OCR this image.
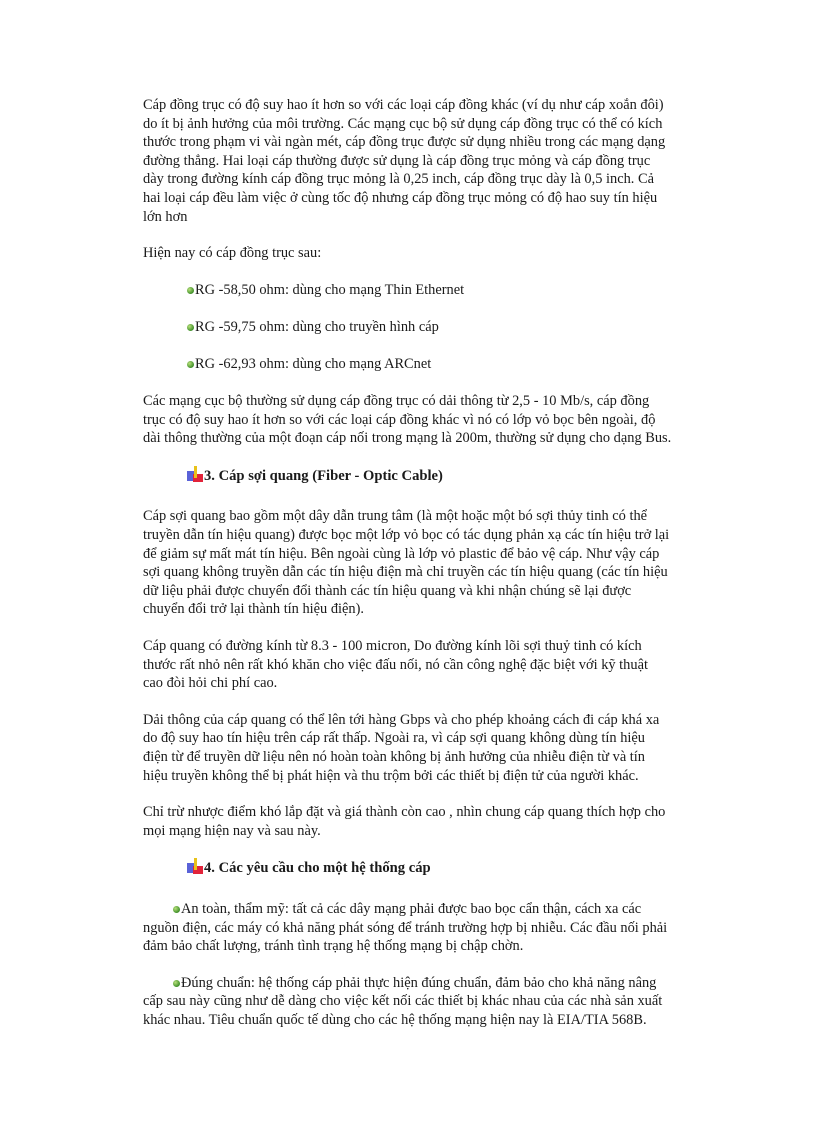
Cáp đồng trục có độ suy hao ít hơn so với các loại cáp đồng khác (ví dụ như cáp xoắn đôi)

do ít bị ảnh hưởng của môi trường. Các mạng cục bộ sử dụng cáp đồng trục có thể có kích

thước trong phạm vi vài ngàn mét, cáp đồng trục được sử dụng nhiều trong các mạng dạng

đường thẳng. Hai loại cáp thường được sử dụng là cáp đồng trục mỏng và cáp đồng trục

dày trong đường kính cáp đồng trục mỏng là 0,25 inch, cáp đồng trục dày là 0,5 inch. Cả

hai loại cáp đều làm việc ở cùng tốc độ nhưng cáp đồng trục mỏng có độ hao suy tín hiệu

lớn hơn

Hiện nay có cáp đồng trục sau:

RG -58,50 ohm: dùng cho mạng Thin Ethernet

RG -59,75 ohm: dùng cho truyền hình cáp

RG -62,93 ohm: dùng cho mạng ARCnet

Các mạng cục bộ thường sử dụng cáp đồng trục có dải thông từ 2,5 - 10 Mb/s, cáp đồng

trục có độ suy hao ít hơn so với các loại cáp đồng khác vì nó có lớp vỏ bọc bên ngoài, độ

dài thông thường của một đoạn cáp nối trong mạng là 200m, thường sử dụng cho dạng Bus.

3. Cáp sợi quang (Fiber - Optic Cable)

Cáp sợi quang bao gồm một dây dẫn trung tâm (là một hoặc một bó sợi thủy tinh có thể

truyền dẫn tín hiệu quang) được bọc một lớp vỏ bọc có tác dụng phản xạ các tín hiệu trở lại

để giảm sự mất mát tín hiệu. Bên ngoài cùng là lớp vỏ plastic để bảo vệ cáp. Như vậy cáp

sợi quang không truyền dẫn các tín hiệu điện mà chỉ truyền các tín hiệu quang (các tín hiệu

dữ liệu phải được chuyển đổi thành các tín hiệu quang và khi nhận chúng sẽ lại được

chuyển đổi trở lại thành tín hiệu điện).

Cáp quang có đường kính từ 8.3 - 100 micron, Do đường kính lõi sợi thuỷ tinh có kích

thước rất nhỏ nên rất khó khăn cho việc đấu nối, nó cần công nghệ đặc biệt với kỹ thuật

cao đòi hỏi chi phí cao.

Dải thông của cáp quang có thể lên tới hàng Gbps và cho phép khoảng cách đi cáp khá xa

do độ suy hao tín hiệu trên cáp rất thấp. Ngoài ra, vì cáp sợi quang không dùng tín hiệu

điện từ để truyền dữ liệu nên nó hoàn toàn không bị ảnh hưởng của nhiễu điện từ và tín

hiệu truyền không thể bị phát hiện và thu trộm bởi các thiết bị điện tử của người khác.

Chỉ trừ nhược điểm khó lắp đặt và giá thành còn cao , nhìn chung cáp quang thích hợp cho

mọi mạng hiện nay và sau này.

4. Các yêu cầu cho một hệ thống cáp

An toàn, thẩm mỹ: tất cả các dây mạng phải được bao bọc cẩn thận, cách xa các

nguồn điện, các máy có khả năng phát sóng để tránh trường hợp bị nhiễu. Các đầu nối phải

đảm bảo chất lượng, tránh tình trạng hệ thống mạng bị chập chờn.

Đúng chuẩn: hệ thống cáp phải thực hiện đúng chuẩn, đảm bảo cho khả năng nâng

cấp sau này cũng như dễ dàng cho việc kết nối các thiết bị khác nhau của các nhà sản xuất

khác nhau. Tiêu chuẩn quốc tế dùng cho các hệ thống mạng hiện nay là EIA/TIA 568B.
